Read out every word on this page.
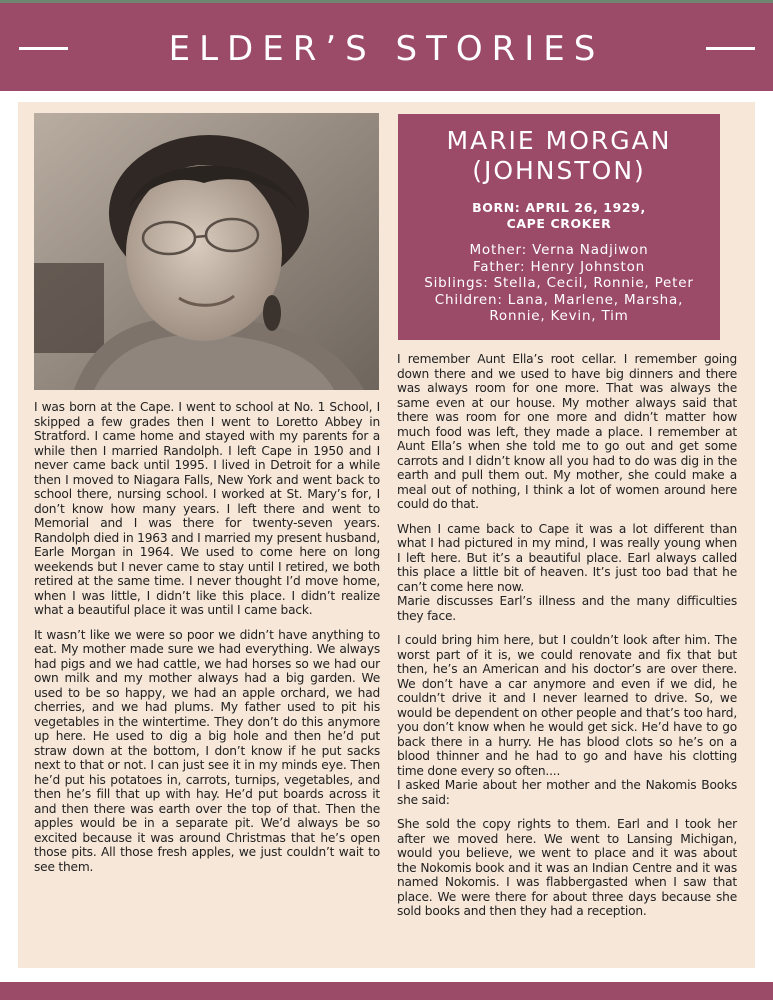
ELDER’S STORIES
MARIE MORGAN
(JOHNSTON)
BORN: APRIL 26, 1929,
CAPE CROKER
Mother: Verna Nadjiwon
Father: Henry Johnston
Siblings: Stella, Cecil, Ronnie, Peter
Children: Lana, Marlene, Marsha,
Ronnie, Kevin, Tim

I was born at the Cape. I went to school at No. 1 School, I skipped a few grades then I went to Loretto Abbey in Stratford. I came home and stayed with my parents for a while then I married Randolph. I left Cape in 1950 and I never came back until 1995. I lived in Detroit for a while then I moved to Niagara Falls, New York and went back to school there, nursing school. I worked at St. Mary’s for, I don’t know how many years. I left there and went to Memorial and I was there for twenty-seven years. Randolph died in 1963 and I married my present husband, Earle Morgan in 1964. We used to come here on long weekends but I never came to stay until I retired, we both retired at the same time. I never thought I’d move home, when I was little, I didn’t like this place. I didn’t realize what a beautiful place it was until I came back.

It wasn’t like we were so poor we didn’t have anything to eat. My mother made sure we had everything. We always had pigs and we had cattle, we had horses so we had our own milk and my mother always had a big garden. We used to be so happy, we had an apple orchard, we had cherries, and we had plums. My father used to pit his vegetables in the wintertime. They don’t do this anymore up here. He used to dig a big hole and then he’d put straw down at the bottom, I don’t know if he put sacks next to that or not. I can just see it in my minds eye. Then he’d put his potatoes in, carrots, turnips, vegetables, and then he’s fill that up with hay. He’d put boards across it and then there was earth over the top of that. Then the apples would be in a separate pit. We’d always be so excited because it was around Christmas that he’s open those pits. All those fresh apples, we just couldn’t wait to see them.

I remember Aunt Ella’s root cellar. I remember going down there and we used to have big dinners and there was always room for one more. That was always the same even at our house. My mother always said that there was room for one more and didn’t matter how much food was left, they made a place. I remember at Aunt Ella’s when she told me to go out and get some carrots and I didn’t know all you had to do was dig in the earth and pull them out. My mother, she could make a meal out of nothing, I think a lot of women around here could do that.

When I came back to Cape it was a lot different than what I had pictured in my mind, I was really young when I left here. But it’s a beautiful place. Earl always called this place a little bit of heaven. It’s just too bad that he can’t come here now.

Marie discusses Earl’s illness and the many difficulties they face.

I could bring him here, but I couldn’t look after him. The worst part of it is, we could renovate and fix that but then, he’s an American and his doctor’s are over there. We don’t have a car anymore and even if we did, he couldn’t drive it and I never learned to drive. So, we would be dependent on other people and that’s too hard, you don’t know when he would get sick. He’d have to go back there in a hurry. He has blood clots so he’s on a blood thinner and he had to go and have his clotting time done every so often....

I asked Marie about her mother and the Nakomis Books she said:

She sold the copy rights to them. Earl and I took her after we moved here. We went to Lansing Michigan, would you believe, we went to place and it was about the Nokomis book and it was an Indian Centre and it was named Nokomis. I was flabbergasted when I saw that place. We were there for about three days because she sold books and then they had a reception.
